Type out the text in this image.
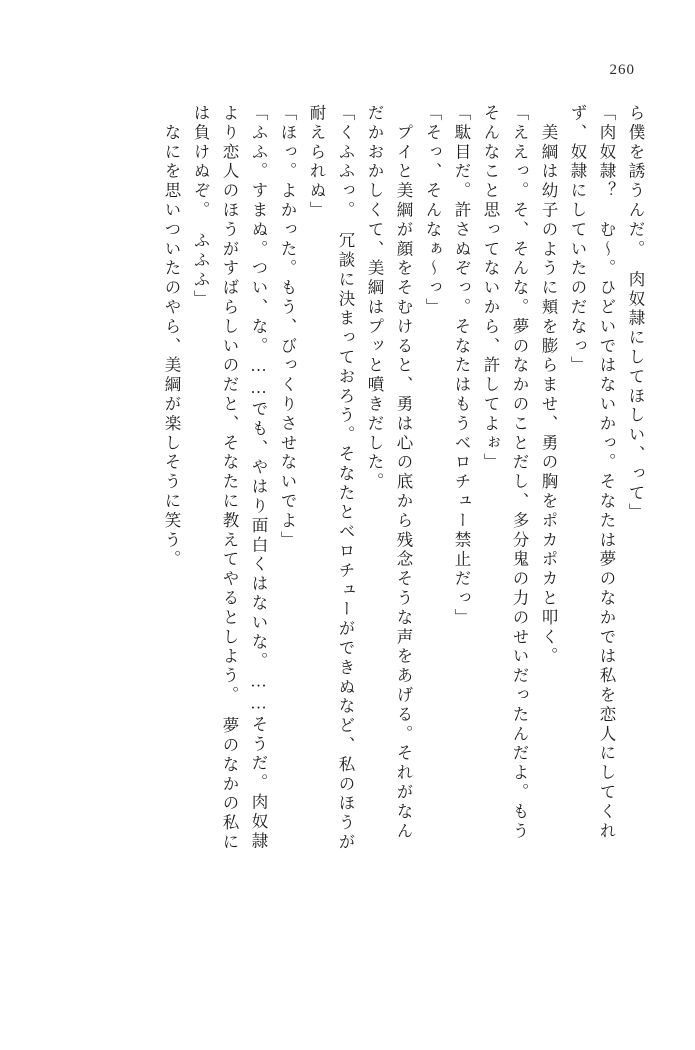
260
ら僕を誘うんだ。　肉奴隷にしてほしい、って」
「肉奴隷？　む〜。ひどいではないかっ。そなたは夢のなかでは私を恋人にしてくれ
ず、奴隷にしていたのだなっ」
　美綱は幼子のように頬を膨らませ、勇の胸をポカポカと叩く。
「ええっ。そ、そんな。夢のなかのことだし、多分鬼の力のせいだったんだよ。もう
そんなこと思ってないから、許してよぉ」
「駄目だ。許さぬぞっ。そなたはもうベロチュー禁止だっ」
「そっ、そんなぁ〜っ」
　プイと美綱が顔をそむけると、勇は心の底から残念そうな声をあげる。それがなん
だかおかしくて、美綱はプッと噴きだした。
「くふふっ。　冗談に決まっておろう。そなたとベロチューができぬなど、私のほうが
耐えられぬ」
「ほっ。よかった。もう、びっくりさせないでよ」
「ふふ。すまぬ。つい、な。……でも、やはり面白くはないな。……そうだ。肉奴隷
より恋人のほうがすばらしいのだと、そなたに教えてやるとしよう。　夢のなかの私に
は負けぬぞ。　ふふふ」
　なにを思いついたのやら、美綱が楽しそうに笑う。
